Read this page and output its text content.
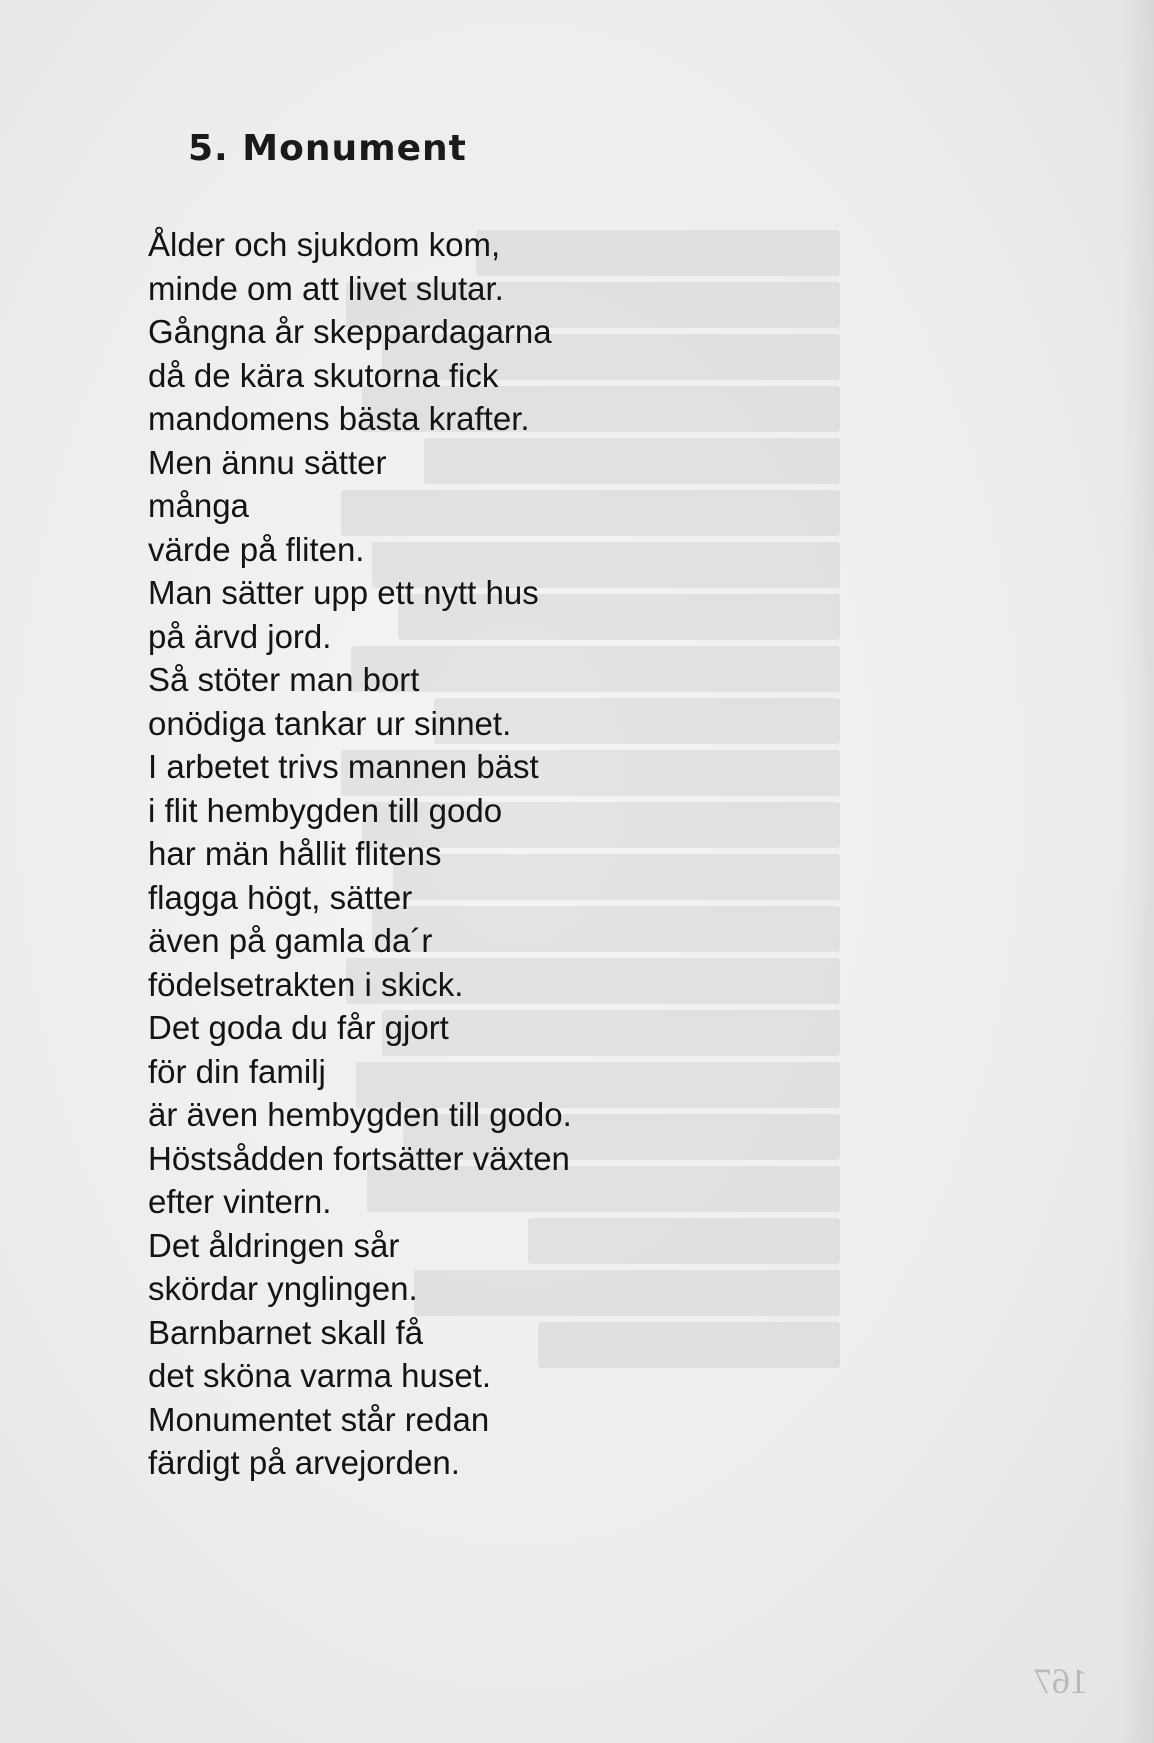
5. Monument
Ålder och sjukdom kom,
minde om att livet slutar.
Gångna år skeppardagarna
då de kära skutorna fick
mandomens bästa krafter.
Men ännu sätter
många
värde på fliten.
Man sätter upp ett nytt hus
på ärvd jord.
Så stöter man bort
onödiga tankar ur sinnet.
I arbetet trivs mannen bäst
i flit hembygden till godo
har män hållit flitens
flagga högt, sätter
även på gamla da´r
födelsetrakten i skick.
Det goda du får gjort
för din familj
är även hembygden till godo.
Höstsådden fortsätter växten
efter vintern.
Det åldringen sår
skördar ynglingen.
Barnbarnet skall få
det sköna varma huset.
Monumentet står redan
färdigt på arvejorden.
167
